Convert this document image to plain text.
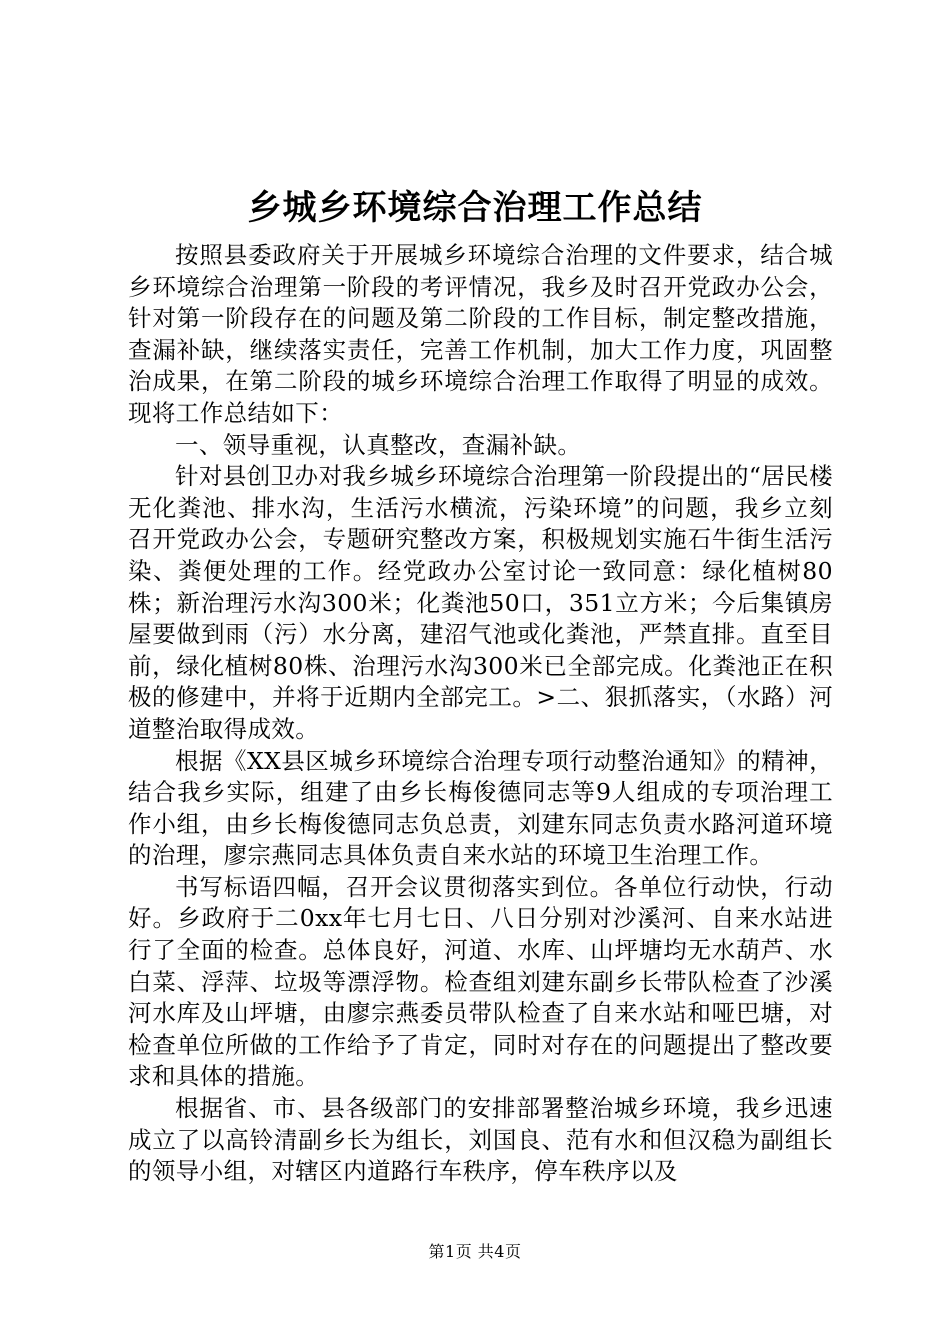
乡城乡环境综合治理工作总结

按照县委政府关于开展城乡环境综合治理的文件要求，结合城乡环境综合治理第一阶段的考评情况，我乡及时召开党政办公会，针对第一阶段存在的问题及第二阶段的工作目标，制定整改措施，查漏补缺，继续落实责任，完善工作机制，加大工作力度，巩固整治成果，在第二阶段的城乡环境综合治理工作取得了明显的成效。现将工作总结如下：

一、领导重视，认真整改，查漏补缺。

针对县创卫办对我乡城乡环境综合治理第一阶段提出的“居民楼无化粪池、排水沟，生活污水横流，污染环境”的问题，我乡立刻召开党政办公会，专题研究整改方案，积极规划实施石牛街生活污染、粪便处理的工作。经党政办公室讨论一致同意：绿化植树80株；新治理污水沟300米；化粪池50口，351立方米；今后集镇房屋要做到雨（污）水分离，建沼气池或化粪池，严禁直排。直至目前，绿化植树80株、治理污水沟300米已全部完成。化粪池正在积极的修建中，并将于近期内全部完工。>二、狠抓落实，（水路）河道整治取得成效。

根据《XX县区城乡环境综合治理专项行动整治通知》的精神，结合我乡实际，组建了由乡长梅俊德同志等9人组成的专项治理工作小组，由乡长梅俊德同志负总责，刘建东同志负责水路河道环境的治理，廖宗燕同志具体负责自来水站的环境卫生治理工作。

书写标语四幅，召开会议贯彻落实到位。各单位行动快，行动好。乡政府于二0xx年七月七日、八日分别对沙溪河、自来水站进行了全面的检查。总体良好，河道、水库、山坪塘均无水葫芦、水白菜、浮萍、垃圾等漂浮物。检查组刘建东副乡长带队检查了沙溪河水库及山坪塘，由廖宗燕委员带队检查了自来水站和哑巴塘，对检查单位所做的工作给予了肯定，同时对存在的问题提出了整改要求和具体的措施。

根据省、市、县各级部门的安排部署整治城乡环境，我乡迅速成立了以高铃清副乡长为组长，刘国良、范有水和但汉稳为副组长的领导小组，对辖区内道路行车秩序，停车秩序以及

第1页 共4页
